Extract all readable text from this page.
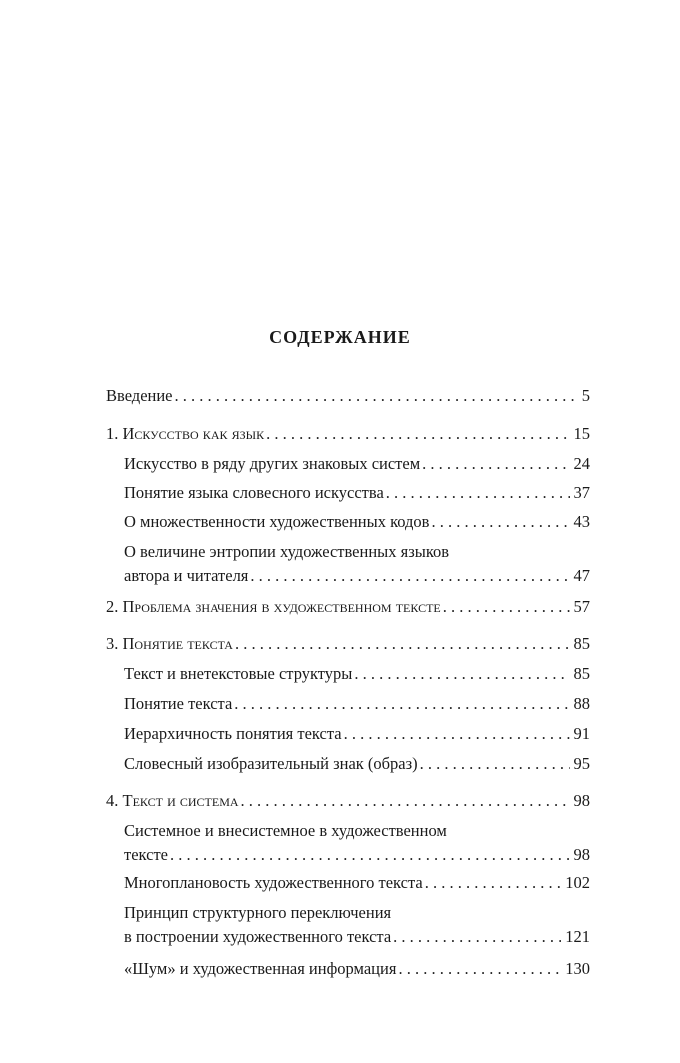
СОДЕРЖАНИЕ
Введение . . .	5
1. Искусство как язык . . .	15
Искусство в ряду других знаковых систем . . .	24
Понятие языка словесного искусства . . .	37
О множественности художественных кодов . . .	43
О величине энтропии художественных языков
автора и читателя . . .	47
2. Проблема значения в художественном тексте . . .	57
3. Понятие текста . . .	85
Текст и внетекстовые структуры . . .	85
Понятие текста . . .	88
Иерархичность понятия текста . . .	91
Словесный изобразительный знак (образ) . . .	95
4. Текст и система . . .	98
Системное и внесистемное в художественном
тексте . . .	98
Многоплановость художественного текста . . .	102
Принцип структурного переключения
в построении художественного текста . . .	121
«Шум» и художественная информация . . .	130
